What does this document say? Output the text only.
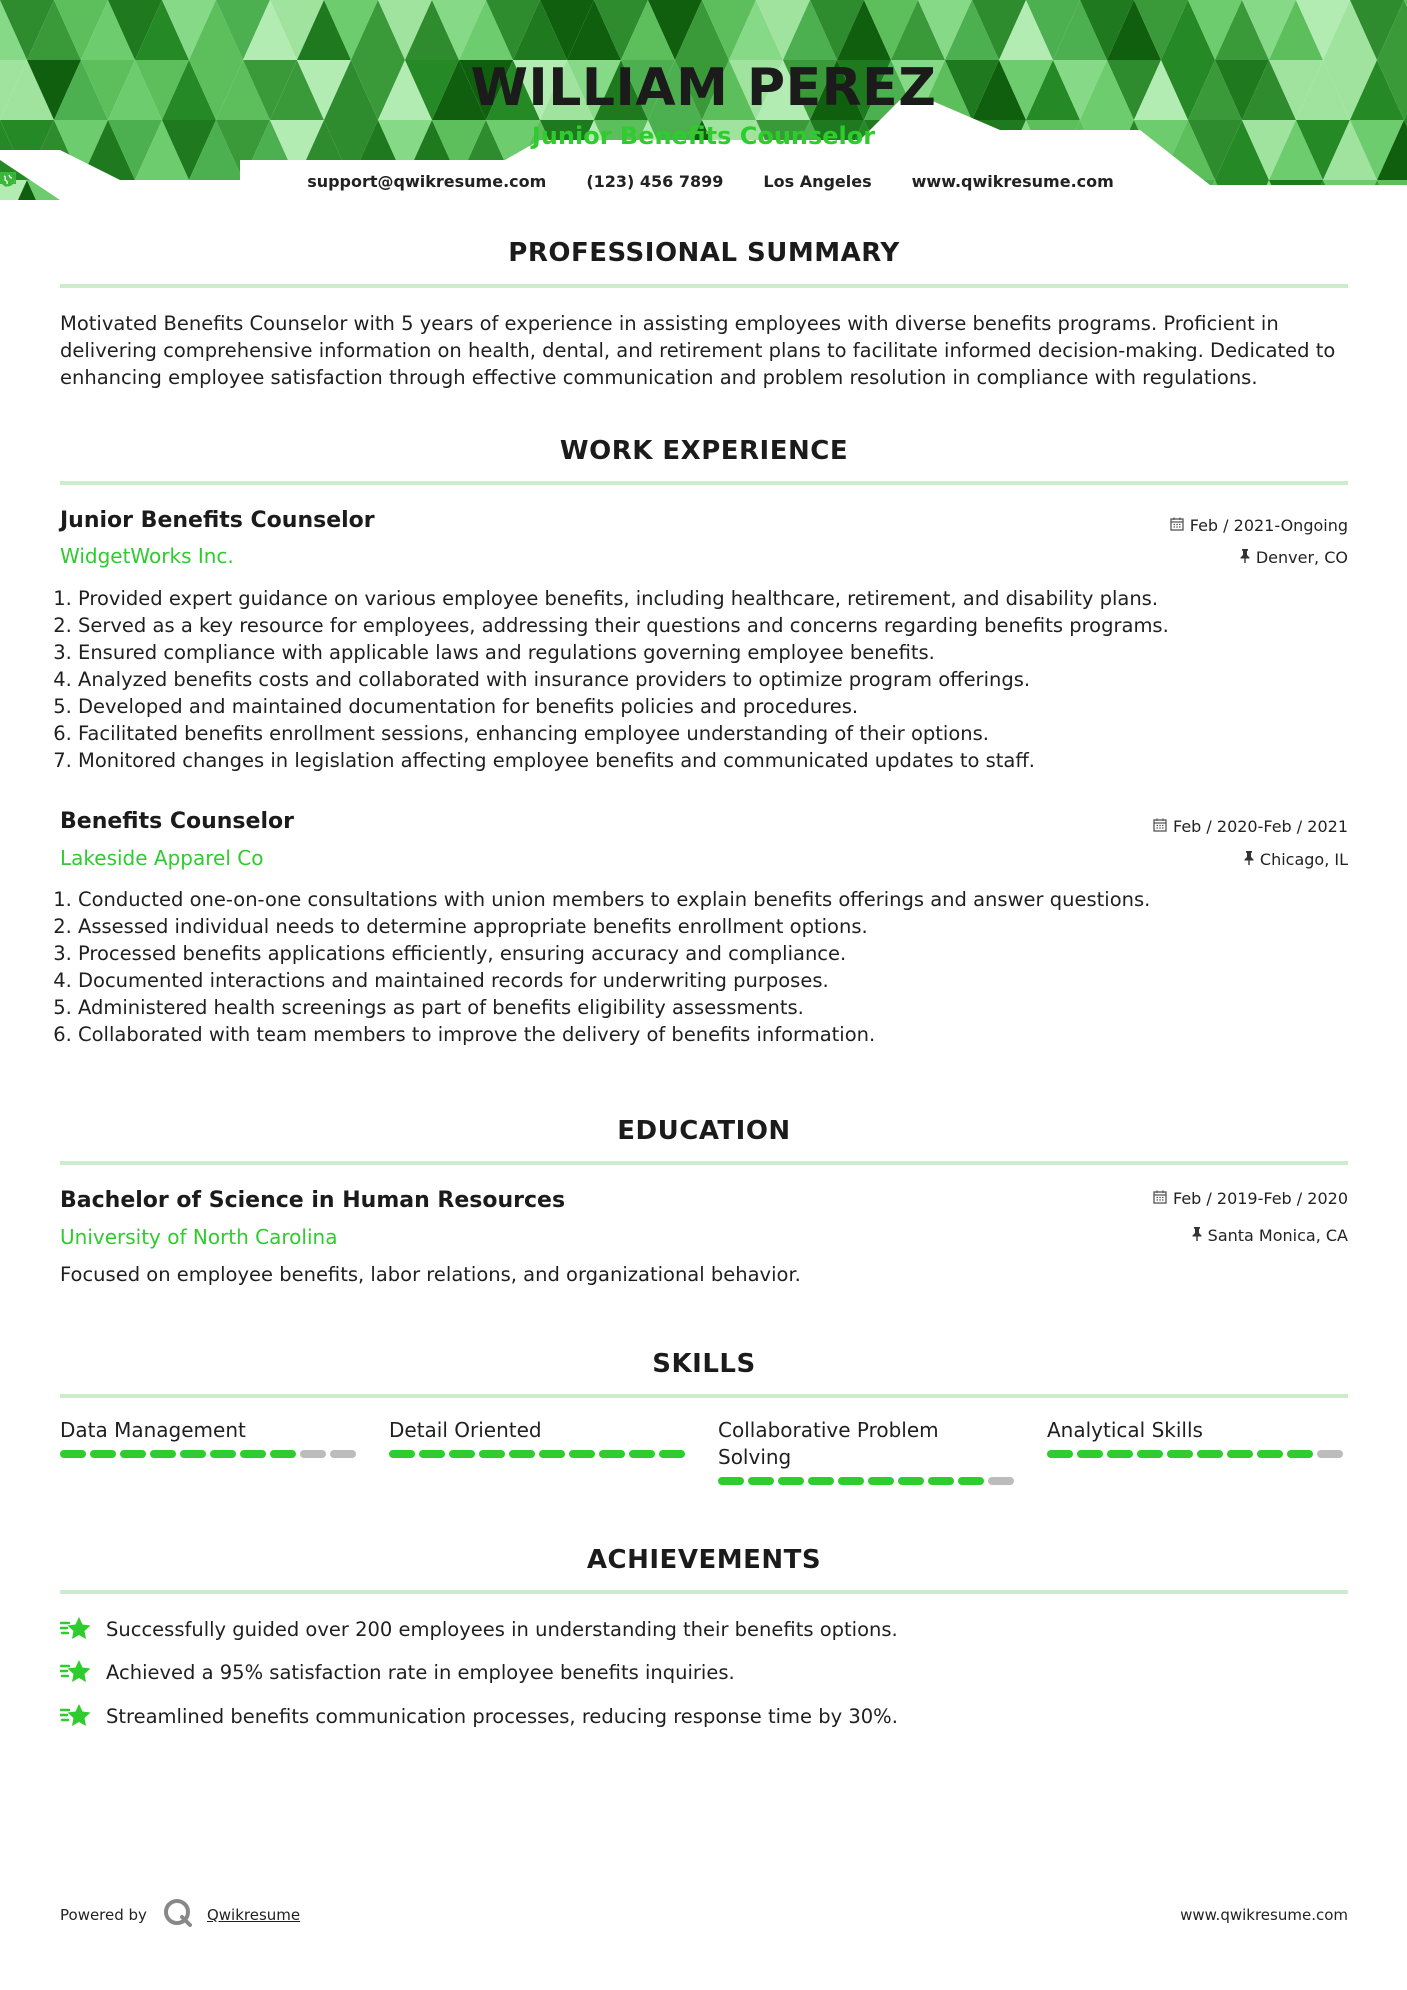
WILLIAM PEREZ
Junior Benefits Counselor
support@qwikresume.com	(123) 456 7899	Los Angeles	www.qwikresume.com
PROFESSIONAL SUMMARY
Motivated Benefits Counselor with 5 years of experience in assisting employees with diverse benefits programs. Proficient in delivering comprehensive information on health, dental, and retirement plans to facilitate informed decision-making. Dedicated to enhancing employee satisfaction through effective communication and problem resolution in compliance with regulations.
WORK EXPERIENCE
Junior Benefits Counselor
WidgetWorks Inc.
Feb / 2021-Ongoing
Denver, CO
1. Provided expert guidance on various employee benefits, including healthcare, retirement, and disability plans.
2. Served as a key resource for employees, addressing their questions and concerns regarding benefits programs.
3. Ensured compliance with applicable laws and regulations governing employee benefits.
4. Analyzed benefits costs and collaborated with insurance providers to optimize program offerings.
5. Developed and maintained documentation for benefits policies and procedures.
6. Facilitated benefits enrollment sessions, enhancing employee understanding of their options.
7. Monitored changes in legislation affecting employee benefits and communicated updates to staff.
Benefits Counselor
Lakeside Apparel Co
Feb / 2020-Feb / 2021
Chicago, IL
1. Conducted one-on-one consultations with union members to explain benefits offerings and answer questions.
2. Assessed individual needs to determine appropriate benefits enrollment options.
3. Processed benefits applications efficiently, ensuring accuracy and compliance.
4. Documented interactions and maintained records for underwriting purposes.
5. Administered health screenings as part of benefits eligibility assessments.
6. Collaborated with team members to improve the delivery of benefits information.
EDUCATION
Bachelor of Science in Human Resources
University of North Carolina
Feb / 2019-Feb / 2020
Santa Monica, CA
Focused on employee benefits, labor relations, and organizational behavior.
SKILLS
Data Management	Detail Oriented	Collaborative Problem Solving
Analytical Skills
ACHIEVEMENTS
Successfully guided over 200 employees in understanding their benefits options.
Achieved a 95% satisfaction rate in employee benefits inquiries.
Streamlined benefits communication processes, reducing response time by 30%.
Powered by	Qwikresume	www.qwikresume.com
